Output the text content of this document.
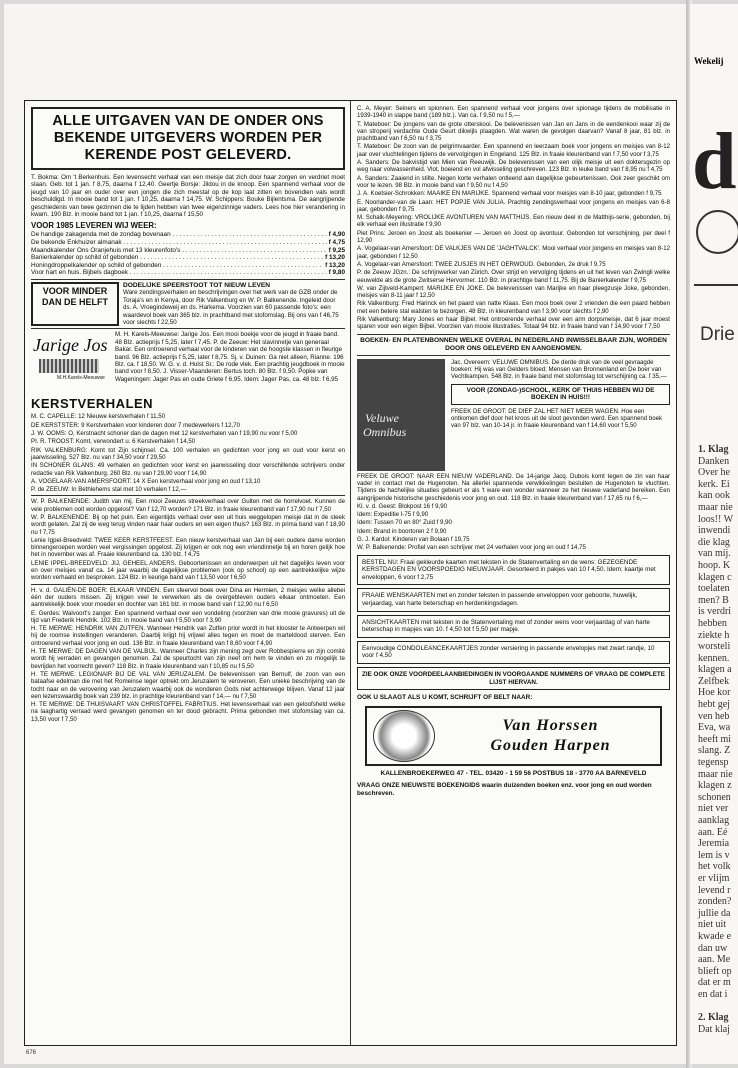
ALLE UITGAVEN VAN DE ONDER ONS BEKENDE UITGEVERS WORDEN PER KERENDE POST GELEVERD.
T. Bokma: Om 't Berkenhuis. Een levensecht verhaal van een meisje dat zich door haar zorgen en verdriet moet slaan. Geb. tot 1 jan. f 8,75, daarna f 12,40. Geertje Borsje: Jildou in de knoop. Een spannend verhaal voor de jeugd van 10 jaar en ouder over een jongen die zich meestal op de kop laat zitten en bovendien vals wordt beschuldigd. In mooie band tot 1 jan. f 10,25, daarna f 14,75. W. Schippers: Bouke Bijlentsma. De aangrijpende geschiedenis van twee gezinnen die te lijden hebben van twee eigenzinnige vaders. Lees hoe hier verandering in kwam. 190 Blz. in mooie band tot 1 jan. f 10,25, daarna f 15,50
VOOR 1985 LEVEREN WIJ WEER:
De handige zakagenda met de zondag bovenaan . . .	f 4,90
De bekende Enkhuizer almanak . . .	f 4,75
Maandkalender Ons Oranjehuis met 13 kleurenfoto's . . .	f 9,25
Banierkalender op schild of gebonden . . .	f 13,20
Honingdroppelkalender op schild of gebonden . . .	f 13,20
Voor hart en huis. Bijbels dagboek . . .	f 9,80
VOOR MINDER DAN DE HELFT
DODELIJKE SPEERSTOOT TOT NIEUW LEVEN
Ware zendingsverhalen en beschrijvingen over het werk van de GZB onder de Toraja's en in Kenya, door Rik Valkenburg en W. P. Balkenende. Ingeleid door ds. A. Vroegindeweij en ds. Harkema. Voorzien van 60 passende foto's: een waardevol boek van 365 blz. in prachtband met stofomslag. Bij ons van f 46,75 voor slechts f 22,50
Jarige Jos
M.H.Karels-Meeuwse
M. H. Karels-Meeuwse: Jarige Jos. Een mooi boekje voor de jeugd in fraaie band. 48 Blz. actieprijs f 5,25, later f 7,45. P. de Zeeuw: Het slavinnetje van generaal Bakar. Een ontroerend verhaal voor de kinderen van de hoogste klassen in fleurige band. 96 Blz. actieprijs f 5,25, later f 8,75. Sj. v. Duinen: Ga niet alleen, Rianne. 196 Blz. ca. f 18,50. W. G. v. d. Hulst Sr.: De rode vlek. Een prachtig jeugdboek in mooie band voor f 8,50. J. Visser-Vlaanderen: Bertus toch. 80 Blz. f 9,50. Popke van Wageningen: Jager Pas en oude Griete f 6,95. Idem: Jager Pas, ca. 48 blz. f 6,95
KERSTVERHALEN
M. C. CAPELLE: 12 Nieuwe kerstverhalen f 11,50
DE KERSTSTER: 9 Kerstverhalen voor kinderen door 7 medewerkers f 12,70
J. W. OOMS: O, Kerstnacht schoner dan de dagen met 12 kerstverhalen van f 19,90 nu voor f 5,00
PI. R. TROOST: Komt, verwondert u. 6 Kerstverhalen f 14,50
RIK VALKENBURG: Komt tot Zijn schijnsel. Ca. 100 verhalen en gedichten voor jong en oud voor kerst en jaarwisseling. 527 Blz. nu van f 34,50 voor f 29,50
IN SCHONER GLANS: 49 verhalen en gedichten voor kerst en jaarwisseling door verschillende schrijvers onder redactie van Rik Valkenburg. 260 Blz. nu van f 29,90 voor f 14,90
A. VOGELAAR-VAN AMERSFOORT: 14 X Een kerstverhaal voor jong en oud f 13,10
P. de ZEEUW: In Bethlehems stal met 10 verhalen f 12,—
W. P. BALKENENDE: Judith van mij. Een mooi Zeeuws streekverhaal over Gulten met de horrelvoet. Kunnen de vele problemen ooit worden opgelost? Van f 12,70 worden? 171 Blz. in fraaie kleurenband van f 17,90 nu f 7,50
W. P. BALKENENDE: Bij op het puin. Een eigentijds verhaal over een uit huis weggelopen meisje dat in de steek wordt gelaten. Zal zij de weg terug vinden naar haar ouders en een eigen thuis? 163 Blz. in prima band van f 18,90 nu f 7,75
Lenie Igpel-Breedveld: TWEE KEER KERSTFEEST. Een nieuw kerstverhaal van Jan bij een oudere dame worden binnengeroepen worden veel vergissingen opgelost. Zij krijgen er ook nog een vriendinnetje bij en horen gelijk hoe het in november was af. Fraaie kleurenband ca. 130 blz. f 4,75
LENIE IPPEL-BREEDVELD: JIJ, GEHEEL ANDERS. Geboortenissen en onderwerpen uit het dagelijks leven voor en over meisjes vanaf ca. 14 jaar waarbij de dagelijkse problemen (ook op school) op een aantrekkelijke wijze worden verhaald en besproken. 124 Blz. in keurige band van f 13,50 voor f 6,50
H. v. d. GALIËN-DE BOER: ELKAAR VINDEN. Een sfeervol boek over Dina en Hermien, 2 meisjes welke allebei één der ouders missen. Zij krijgen veel te verwerken als de overgebleven ouders elkaar ontmoeten. Een aantrekkelijk boek voor moeder en dochter van 161 blz. in mooie band van f 12,90 nu f 6,50
E. Gerdes: Walvoort's zanger. Een spannend verhaal over een vondeling (voorzien van drie mooie gravures) uit de tijd van Frederik Hendrik. 102 Blz. in mooie band van f 5,50 voor f 3,90
H. TE MERWE: HENDRIK VAN ZUTFEN. Wanneer Hendrik van Zutfen prior wordt in het klooster te Antwerpen wil hij de roomse instellingen veranderen. Daarbij krijgt hij vrijwel alles tegen en moet de marteldood sterven. Een ontroerend verhaal voor jong en oud. 136 Blz. in fraaie kleurenband van f 8,60 voor f 4,90
H. TE MERWE: DE DAGEN VAN DE VALBIJL. Wanneer Charles zijn mening zegt over Robbespierre en zijn comité wordt hij verraden en gevangen genomen. Zal de speurtocht van zijn neef om hem te vinden en zo mogelijk te bevrijden het voorrecht geven? 118 Blz. in fraaie kleurenband van f 10,85 nu f 5,50
H. TE MERWE: LEGIONAIR BIJ DE VAL VAN JERUZALEM. De belevenissen van Bernulf, de zoon van een bataafse edelman die met het Romeinse leger optrekt om Jeruzalem te veroveren. Een unieke beschrijving van de tocht naar en de verovering van Jeruzalem waarbij ook de wonderen Gods niet achterwege blijven. Vanaf 12 jaar een lezenswaardig boek van 239 blz. in prachtige kleurenband van f 14,— nu f 7,50
H. TE MERWE: DE THUISVAART VAN CHRISTOFFEL FABRITIUS. Het levensverhaal van een geloofsheld welke na laaghartig verraad werd gevangen genomen en ter dood gebracht. Prima gebonden met stofomslag van ca. 13,50 voor f 7,50
C. A. Meyer: Seiners en spionnen. Een spannend verhaal voor jongens over spionage tijdens de mobilisatie in 1939-1940 in slappe band (189 blz.). Van ca. f 9,50 nu f 5,—
T. Mateboer: De jongens van de grote otterskooi. De belevenissen van Jan en Jans in de eendenkooi waar zij de van stroperij verdachte Oude Geurt dikwijls plaagden. Wat waren de gevolgen daarvan? Vanaf 8 jaar, 81 blz. in prachtband van f 6,50 nu f 3,75
T. Mateboer: De zoon van de pelgrimvaarder. Een spannend en leerzaam boek voor jongens en meisjes van 8-12 jaar over vluchtelingen tijdens de vervolgingen in Engeland. 125 Blz. in fraaie kleurenband van f 7,50 voor f 3,75
A. Sanders: De bakvistijd van Mien van Reeuwijk. De belevenissen van een olijk meisje uit een doktersgezin op weg naar volwassenheid. Vlot, boeiend en vol afwisseling geschreven. 123 Blz. in leuke band van f 8,95 nu f 4,75
A. Sanders: Zaaiend in stilte. Negen korte verhalen ontleend aan dagelijkse gebeurtenissen. Ook zeer geschikt om voor te lezen. 98 Blz. in mooie band van f 9,50 nu f 4,50
J. A. Koetsier-Schrokken: MAAIKE EN MARIJKE. Spannend verhaal voor meisjes van 8-10 jaar, gebonden f 9,75
E. Noorlander-van de Laan: HET POPJE VAN JULIA. Prachtig zendingsverhaal voor jongens en meisjes van 6-8 jaar, gebonden f 9,75
M. Schalk-Meyering: VROLIJKE AVONTUREN VAN MATTHIJS. Een nieuw deel in de Matthijs-serie, gebonden, bij elk verhaal een illustratie f 9,90
Piet Prins: Jeroen en Joost als boekenier — Jeroen en Joost op avontuur. Gebonden tot verschijning, per deel f 12,90
A. Vogelaar-van Amersfoort: DE VALKJES VAN DE 'JAGHTVALCK'. Mooi verhaal voor jongens en meisjes van 8-12 jaar, gebonden f 12,50
A. Vogelaar-van Amersfoort: TWEE ZUSJES IN HET OERWOUD. Gebonden, 2e druk f 9,75
P. de Zeeuw JGzn.: De schrijnwerker van Zürich. Over strijd en vervolging tijdens en uit het leven van Zwingli welke eeuwelde als de grote Zwitserse Hervormer. 110 Blz. in prachtige band f 11,75. Bij de Banierkalender f 9,75
W. van Zijtveld-Kampert: MARIJKE EN JOKE. De belevenissen van Marijke en haar pleegzusje Joke, gebonden, meisjes van 8-11 jaar f 12,50
Rik Valkenburg: Fred Harinck en het paard van natte Klaas. Een mooi boek over 2 vrienden die een paard hebben met een betere stal walsten te bezorgen. 48 Blz. in kleurenband van f 3,90 voor slechts f 2,90
Rik Valkenburg: Mary Jones en haar Bijbel. Het ontroerende verhaal over een arm dorpsmeisje, dat 6 jaar moest sparen voor een eigen Bijbel. Voorzien van mooie illustraties. Totaal 94 blz. in fraaie band van f 14,90 voor f 7,50
BOEKEN- EN PLATENBONNEN WELKE OVERAL IN NEDERLAND INWISSELBAAR ZIJN, WORDEN DOOR ONS GELEVERD EN AANGENOMEN.
Veluwe
Omnibus
Jac. Overeem: VELUWE OMNIBUS. De derde druk van de veel gevraagde boeken: Hij was van Gelders bloed; Mensen van Bronnenland en De boer van Vechtkampen. 548 Blz. in fraaie band met stofomslag tot verschijning ca. f 35,—
VOOR (ZONDAG-)SCHOOL, KERK OF THUIS HEBBEN WIJ DE BOEKEN IN HUIS!!!
FREEK DE GROOT: DE DIEF ZAL HET NIET MEER WAGEN. Hoe een ontkomen dief door het kroos uit de sloot gevonden werd. Een spannend boek van 97 blz. van 10-14 jr. in fraaie kleurenband van f 14,60 voor f 5,50
FREEK DE GROOT: NAAR EEN NIEUW VADERLAND. De 14-jarige Jacq. Dubois komt tegen de zin van haar vader in contact met de Hugenoten. Na allerlei spannende verwikkelingen besluiten de Hugenoten te vluchten. Tijdens de hachelijke situaties gebeurt er als 't ware een wonder wanneer ze het nieuwe vaderland bereiken. Een aangrijpende historische geschiedenis voor jong en oud. 118 Blz. in fraaie kleurenband van f 17,65 nu f 6,—
Kl. v. d. Geest: Blokpost 16 f 9,90
Idem: Expeditie I-75 f 9,90
Idem: Tussen 70 en 80° Zuid f 9,90
Idem: Brand in boortoren 2 f 9,90
G. J. Kardol: Kinderen van Bolaan f 19,75
W. P. Balkenende: Profiel van een schrijver met 24 verhalen voor jong en oud f 14,75
BESTEL NU: Fraai gekleurde kaarten met teksten in de Statenvertaling en de wens: GEZEGENDE KERSTDAGEN EN VOORSPOEDIG NIEUWJAAR. Gesorteerd in pakjes van 10 f 4,50. Idem: kaartje met enveloppen, 6 voor f 2,75
FRAAIE WENSKAARTEN met en zonder teksten in passende enveloppen voor geboorte, huwelijk, verjaardag, van harte beterschap en herdenkingsdagen.
ANSICHTKAARTEN met teksten in de Statenvertaling met of zonder wens voor verjaardag of van harte beterschap in mapjes van 10. f 4,50 tot f 5,50 per mapje.
Eenvoudige CONDOLEANCEKAARTJES zonder versiering in passende envelopjes met zwart randje, 10 voor f 4,50
ZIE OOK ONZE VOORDEELAANBIEDINGEN IN VOORGAANDE NUMMERS OF VRAAG DE COMPLETE LIJST HIERVAN.
OOK U SLAAGT ALS U KOMT, SCHRIJFT OF BELT NAAR:
Van Horssen
Gouden Harpen
KALLENBROEKERWEG 47 - TEL. 03420 - 1 59 56 POSTBUS 18 - 3770 AA BARNEVELD
VRAAG ONZE NIEUWSTE BOEKENGIDS waarin duizenden boeken enz. voor jong en oud worden beschreven.
676
Wekelij
d
Drie
1. Klag
Danken
Over he
kerk. Ei
kan ook
maar nie
loos!! W
inwendi
die klag
van mij.
hoop. K
klagen c
toelaten
men? B
is verdri
hebben
ziekte h
worsteli
kennen.
klagen a
Zelfbek
Hoe kor
hebt gej
ven heb
Eva, wa
heeft mi
slang. Z
tegensp
maar nie
klagen z
schonen
niet ver
aanklag
aan. Eé
Jeremia
lem is v
het volk
er vlijm
levend r
zonden?
jullie da
niet uit
kwade e
dan uw
aan. Me
blieft op
dat er m
en dat i
2. Klag
Dat klaj
